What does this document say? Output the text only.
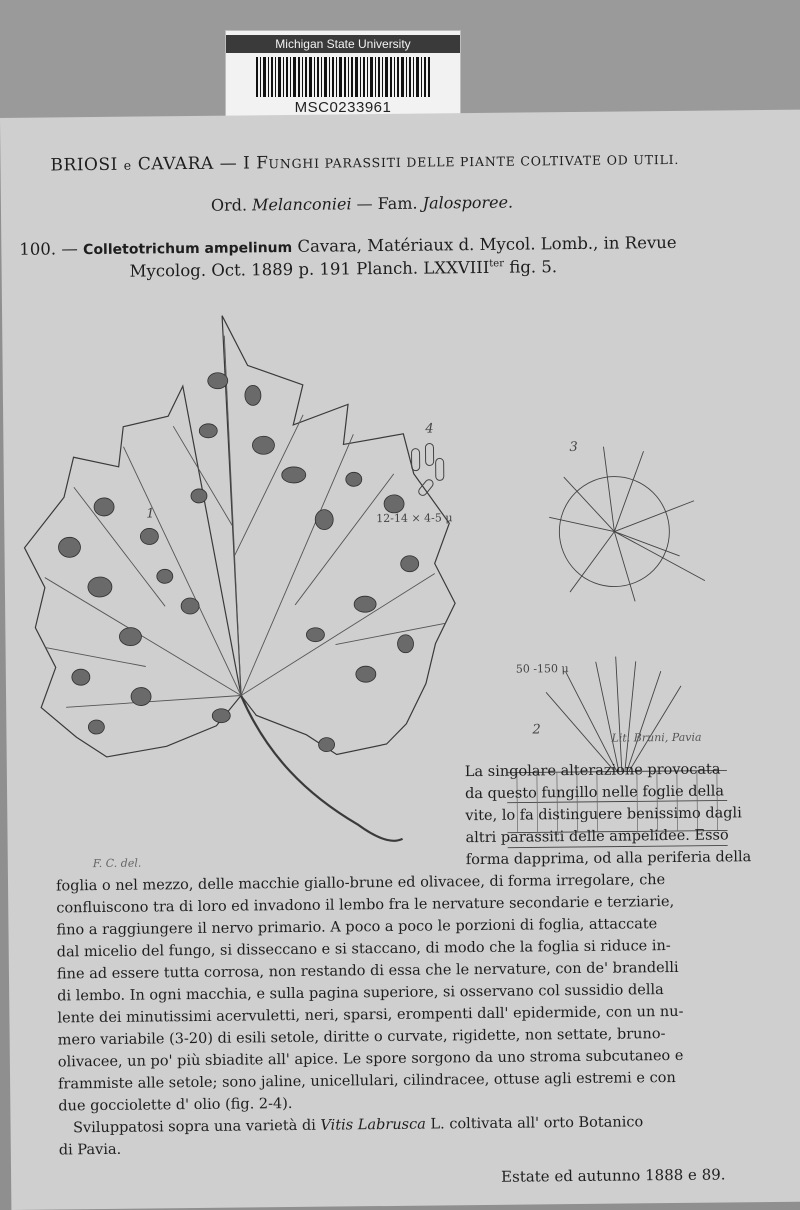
Michigan State University
MSC0233961
BRIOSI e CAVARA — I FUNGHI PARASSITI DELLE PIANTE COLTIVATE OD UTILI.
Ord. Melanconiei — Fam. Jalosporee.
100. — Colletotrichum ampelinum Cavara, Matériaux d. Mycol. Lomb., in Revue
Mycolog. Oct. 1889 p. 191 Planch. $LXXVIII^{ter}$ fig. 5.
1
2
3
4
12-14 × 4-5 μ
50 -150 μ
Lit. Bruni, Pavia
F. C. del.
La singolare alterazione provocata
da questo fungillo nelle foglie della
vite, lo fa distinguere benissimo dagli
altri parassiti delle ampelidee. Esso
forma dapprima, od alla periferia della
foglia o nel mezzo, delle macchie giallo-brune ed olivacee, di forma irregolare, che
confluiscono tra di loro ed invadono il lembo fra le nervature secondarie e terziarie,
fino a raggiungere il nervo primario. A poco a poco le porzioni di foglia, attaccate
dal micelio del fungo, si disseccano e si staccano, di modo che la foglia si riduce in-
fine ad essere tutta corrosa, non restando di essa che le nervature, con de' brandelli
di lembo. In ogni macchia, e sulla pagina superiore, si osservano col sussidio della
lente dei minutissimi acervuletti, neri, sparsi, erompenti dall' epidermide, con un nu-
mero variabile (3-20) di esili setole, diritte o curvate, rigidette, non settate, bruno-
olivacee, un po' più sbiadite all' apice. Le spore sorgono da uno stroma subcutaneo e
frammiste alle setole; sono jaline, unicellulari, cilindracee, ottuse agli estremi e con
due gocciolette d' olio (fig. 2-4).
 Sviluppatosi sopra una varietà di Vitis Labrusca L. coltivata all' orto Botanico
di Pavia.
Estate ed autunno 1888 e 89.
